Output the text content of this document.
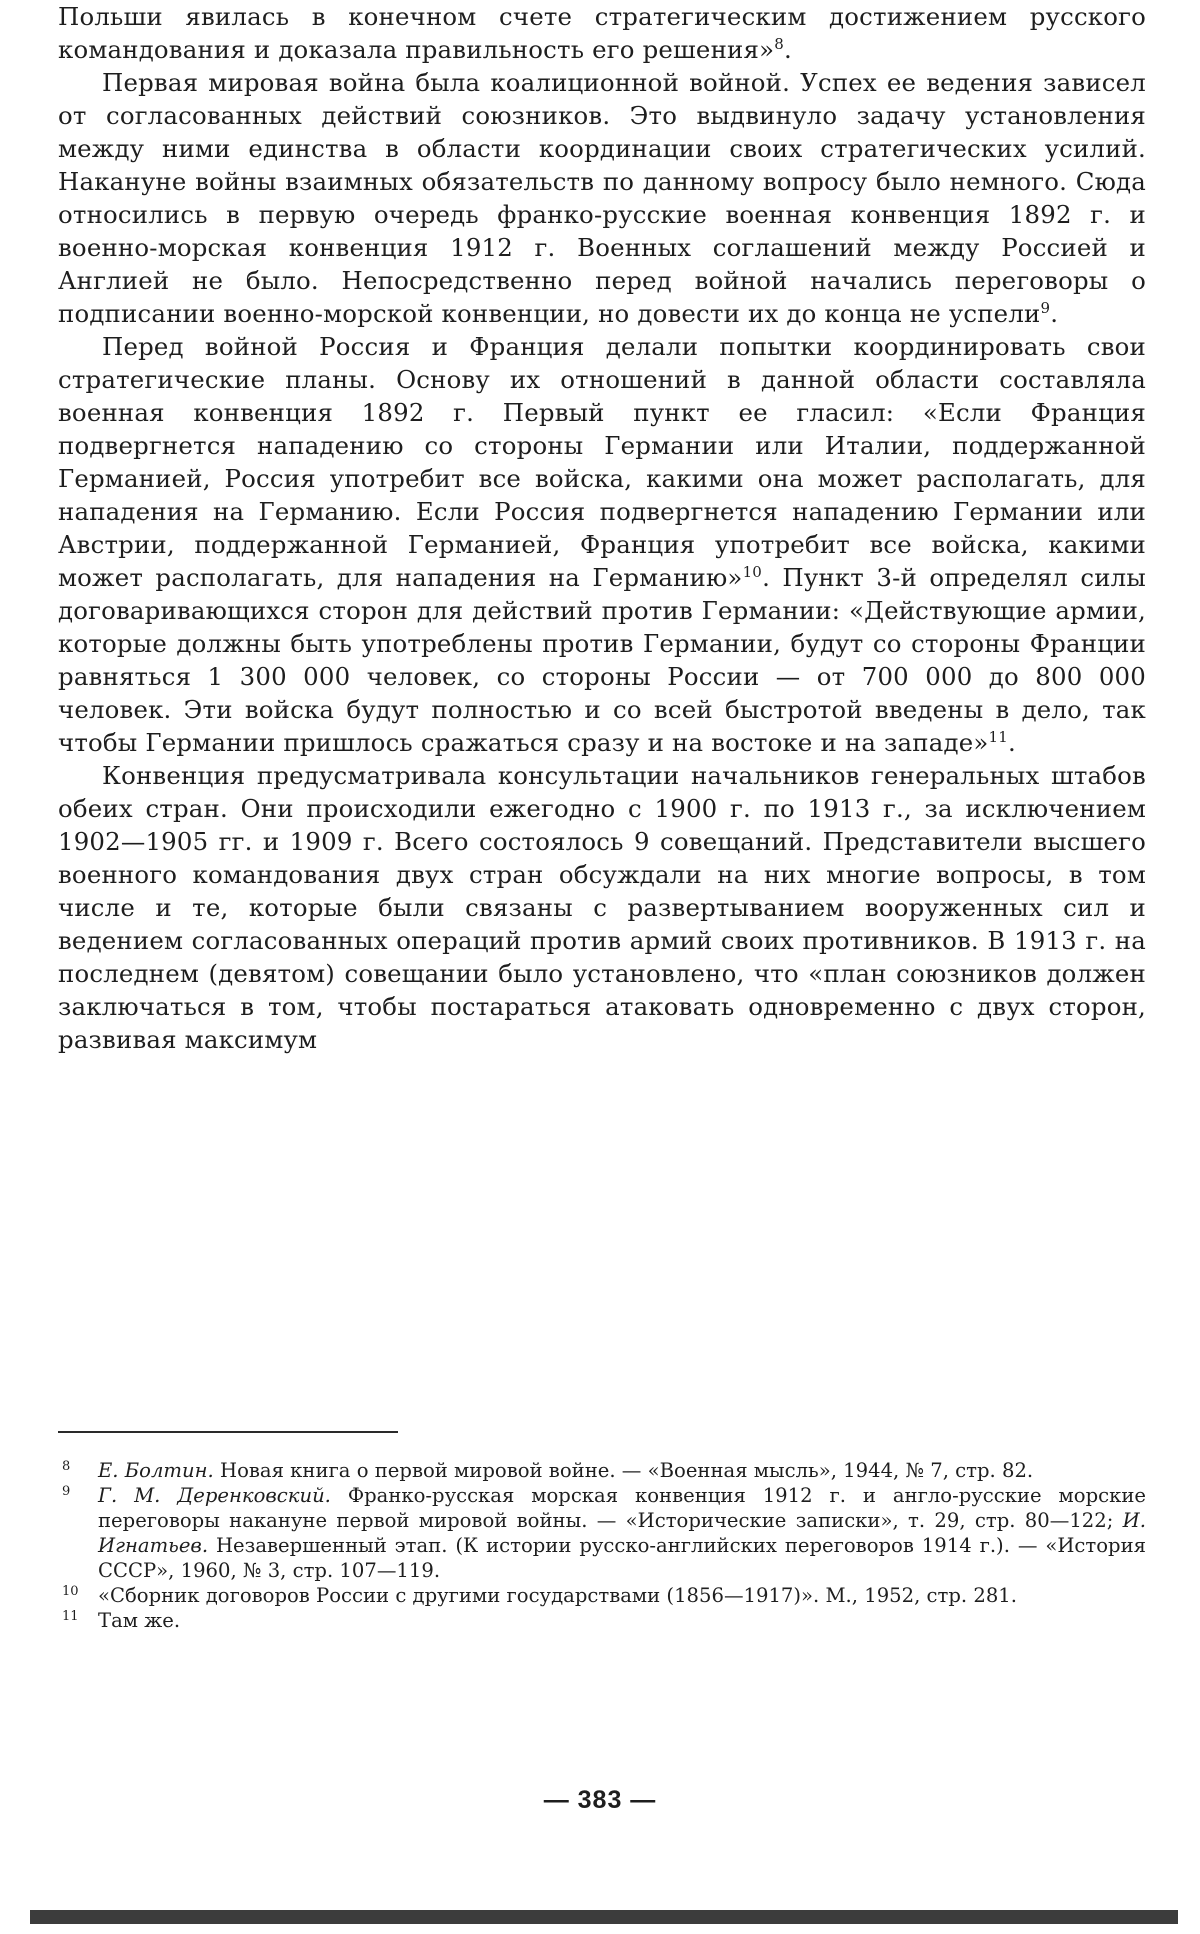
Польши явилась в конечном счете стратегическим достижением русского командования и доказала правильность его решения»$^8$.

Первая мировая война была коалиционной войной. Успех ее ведения зависел от согласованных действий союзников. Это выдвинуло задачу установления между ними единства в области координации своих стратегических усилий. Накануне войны взаимных обязательств по данному вопросу было немного. Сюда относились в первую очередь франко-русские военная конвенция 1892 г. и военно-морская конвенция 1912 г. Военных соглашений между Россией и Англией не было. Непосредственно перед войной начались переговоры о подписании военно-морской конвенции, но довести их до конца не успели$^9$.

Перед войной Россия и Франция делали попытки координировать свои стратегические планы. Основу их отношений в данной области составляла военная конвенция 1892 г. Первый пункт ее гласил: «Если Франция подвергнется нападению со стороны Германии или Италии, поддержанной Германией, Россия употребит все войска, какими она может располагать, для нападения на Германию. Если Россия подвергнется нападению Германии или Австрии, поддержанной Германией, Франция употребит все войска, какими может располагать, для нападения на Германию»$^{10}$. Пункт 3-й определял силы договаривающихся сторон для действий против Германии: «Действующие армии, которые должны быть употреблены против Германии, будут со стороны Франции равняться 1 300 000 человек, со стороны России — от 700 000 до 800 000 человек. Эти войска будут полностью и со всей быстротой введены в дело, так чтобы Германии пришлось сражаться сразу и на востоке и на западе»$^{11}$.

Конвенция предусматривала консультации начальников генеральных штабов обеих стран. Они происходили ежегодно с 1900 г. по 1913 г., за исключением 1902—1905 гг. и 1909 г. Всего состоялось 9 совещаний. Представители высшего военного командования двух стран обсуждали на них многие вопросы, в том числе и те, которые были связаны с развертыванием вооруженных сил и ведением согласованных операций против армий своих противников. В 1913 г. на последнем (девятом) совещании было установлено, что «план союзников должен заключаться в том, чтобы постараться атаковать одновременно с двух сторон, развивая максимум

8 Е. Болтин. Новая книга о первой мировой войне. — «Военная мысль», 1944, № 7, стр. 82.

9 Г. М. Деренковский. Франко-русская морская конвенция 1912 г. и англо-русские морские переговоры накануне первой мировой войны. — «Исторические записки», т. 29, стр. 80—122; И. Игнатьев. Незавершенный этап. (К истории русско-английских переговоров 1914 г.). — «История СССР», 1960, № 3, стр. 107—119.

10 «Сборник договоров России с другими государствами (1856—1917)». М., 1952, стр. 281.

11 Там же.

— 383 —
